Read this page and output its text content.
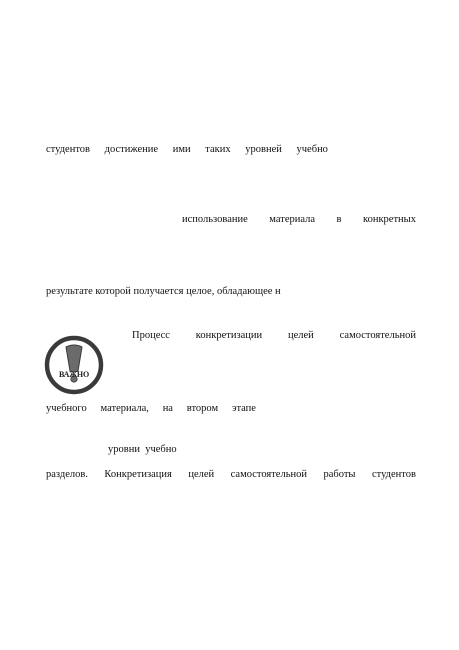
студентов достижение ими таких уровней учебно
использование материала в конкретных
результате которой получается целое, обладающее н
Процесс конкретизации целей самостоятельной
ВАЖНО
учебного материала, на втором этапе
уровни  учебно
разделов. Конкретизация целей самостоятельной работы студентов
